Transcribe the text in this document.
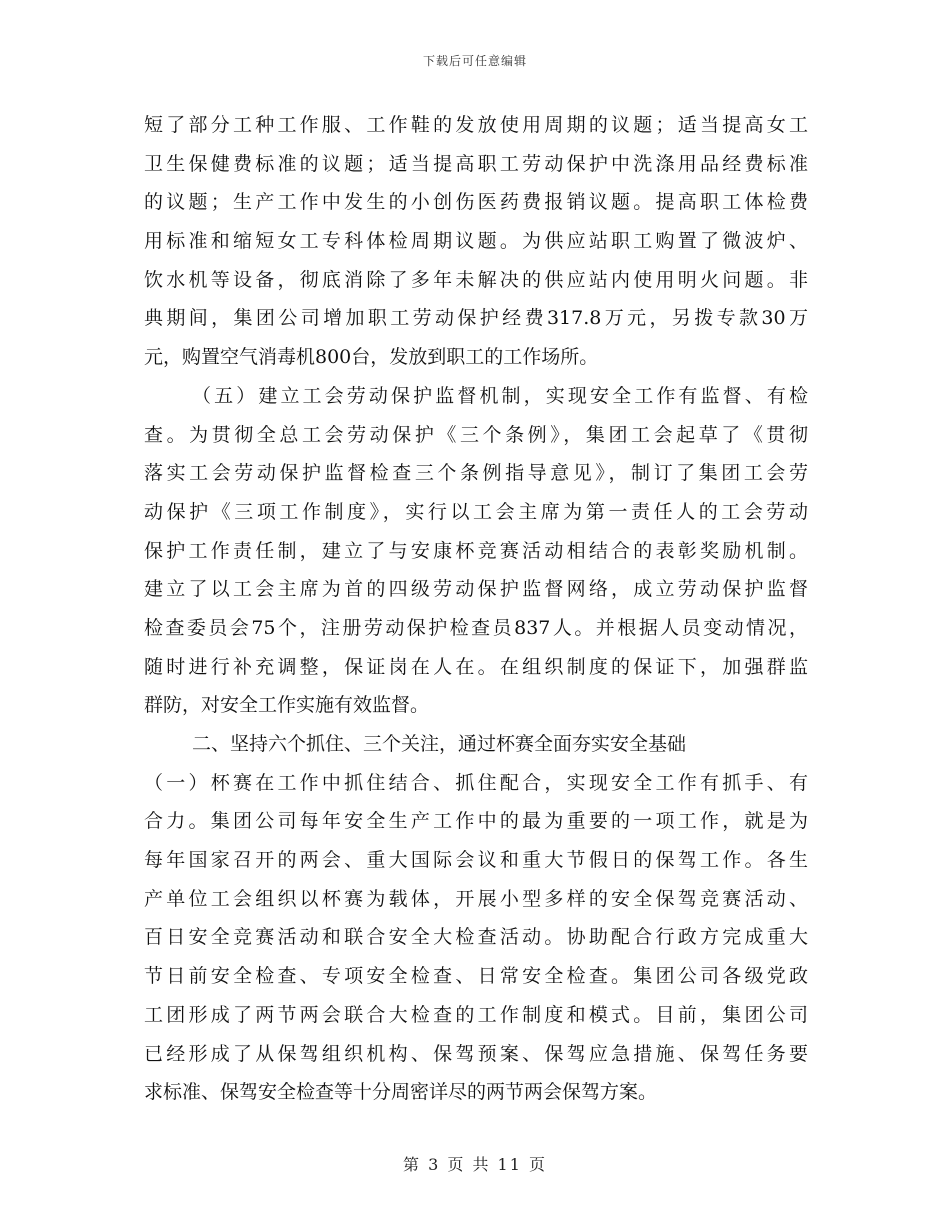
下载后可任意编辑
短了部分工种工作服、工作鞋的发放使用周期的议题；适当提高女工
卫生保健费标准的议题；适当提高职工劳动保护中洗涤用品经费标准
的议题；生产工作中发生的小创伤医药费报销议题。提高职工体检费
用标准和缩短女工专科体检周期议题。为供应站职工购置了微波炉、
饮水机等设备，彻底消除了多年未解决的供应站内使用明火问题。非
典期间，集团公司增加职工劳动保护经费317.8万元，另拨专款30万
元，购置空气消毒机800台，发放到职工的工作场所。
（五）建立工会劳动保护监督机制，实现安全工作有监督、有检
查。为贯彻全总工会劳动保护《三个条例》，集团工会起草了《贯彻
落实工会劳动保护监督检查三个条例指导意见》，制订了集团工会劳
动保护《三项工作制度》，实行以工会主席为第一责任人的工会劳动
保护工作责任制，建立了与安康杯竞赛活动相结合的表彰奖励机制。
建立了以工会主席为首的四级劳动保护监督网络，成立劳动保护监督
检查委员会75个，注册劳动保护检查员837人。并根据人员变动情况，
随时进行补充调整，保证岗在人在。在组织制度的保证下，加强群监
群防，对安全工作实施有效监督。
二、坚持六个抓住、三个关注，通过杯赛全面夯实安全基础
（一）杯赛在工作中抓住结合、抓住配合，实现安全工作有抓手、有
合力。集团公司每年安全生产工作中的最为重要的一项工作，就是为
每年国家召开的两会、重大国际会议和重大节假日的保驾工作。各生
产单位工会组织以杯赛为载体，开展小型多样的安全保驾竞赛活动、
百日安全竞赛活动和联合安全大检查活动。协助配合行政方完成重大
节日前安全检查、专项安全检查、日常安全检查。集团公司各级党政
工团形成了两节两会联合大检查的工作制度和模式。目前，集团公司
已经形成了从保驾组织机构、保驾预案、保驾应急措施、保驾任务要
求标准、保驾安全检查等十分周密详尽的两节两会保驾方案。
第 3 页 共 11 页
